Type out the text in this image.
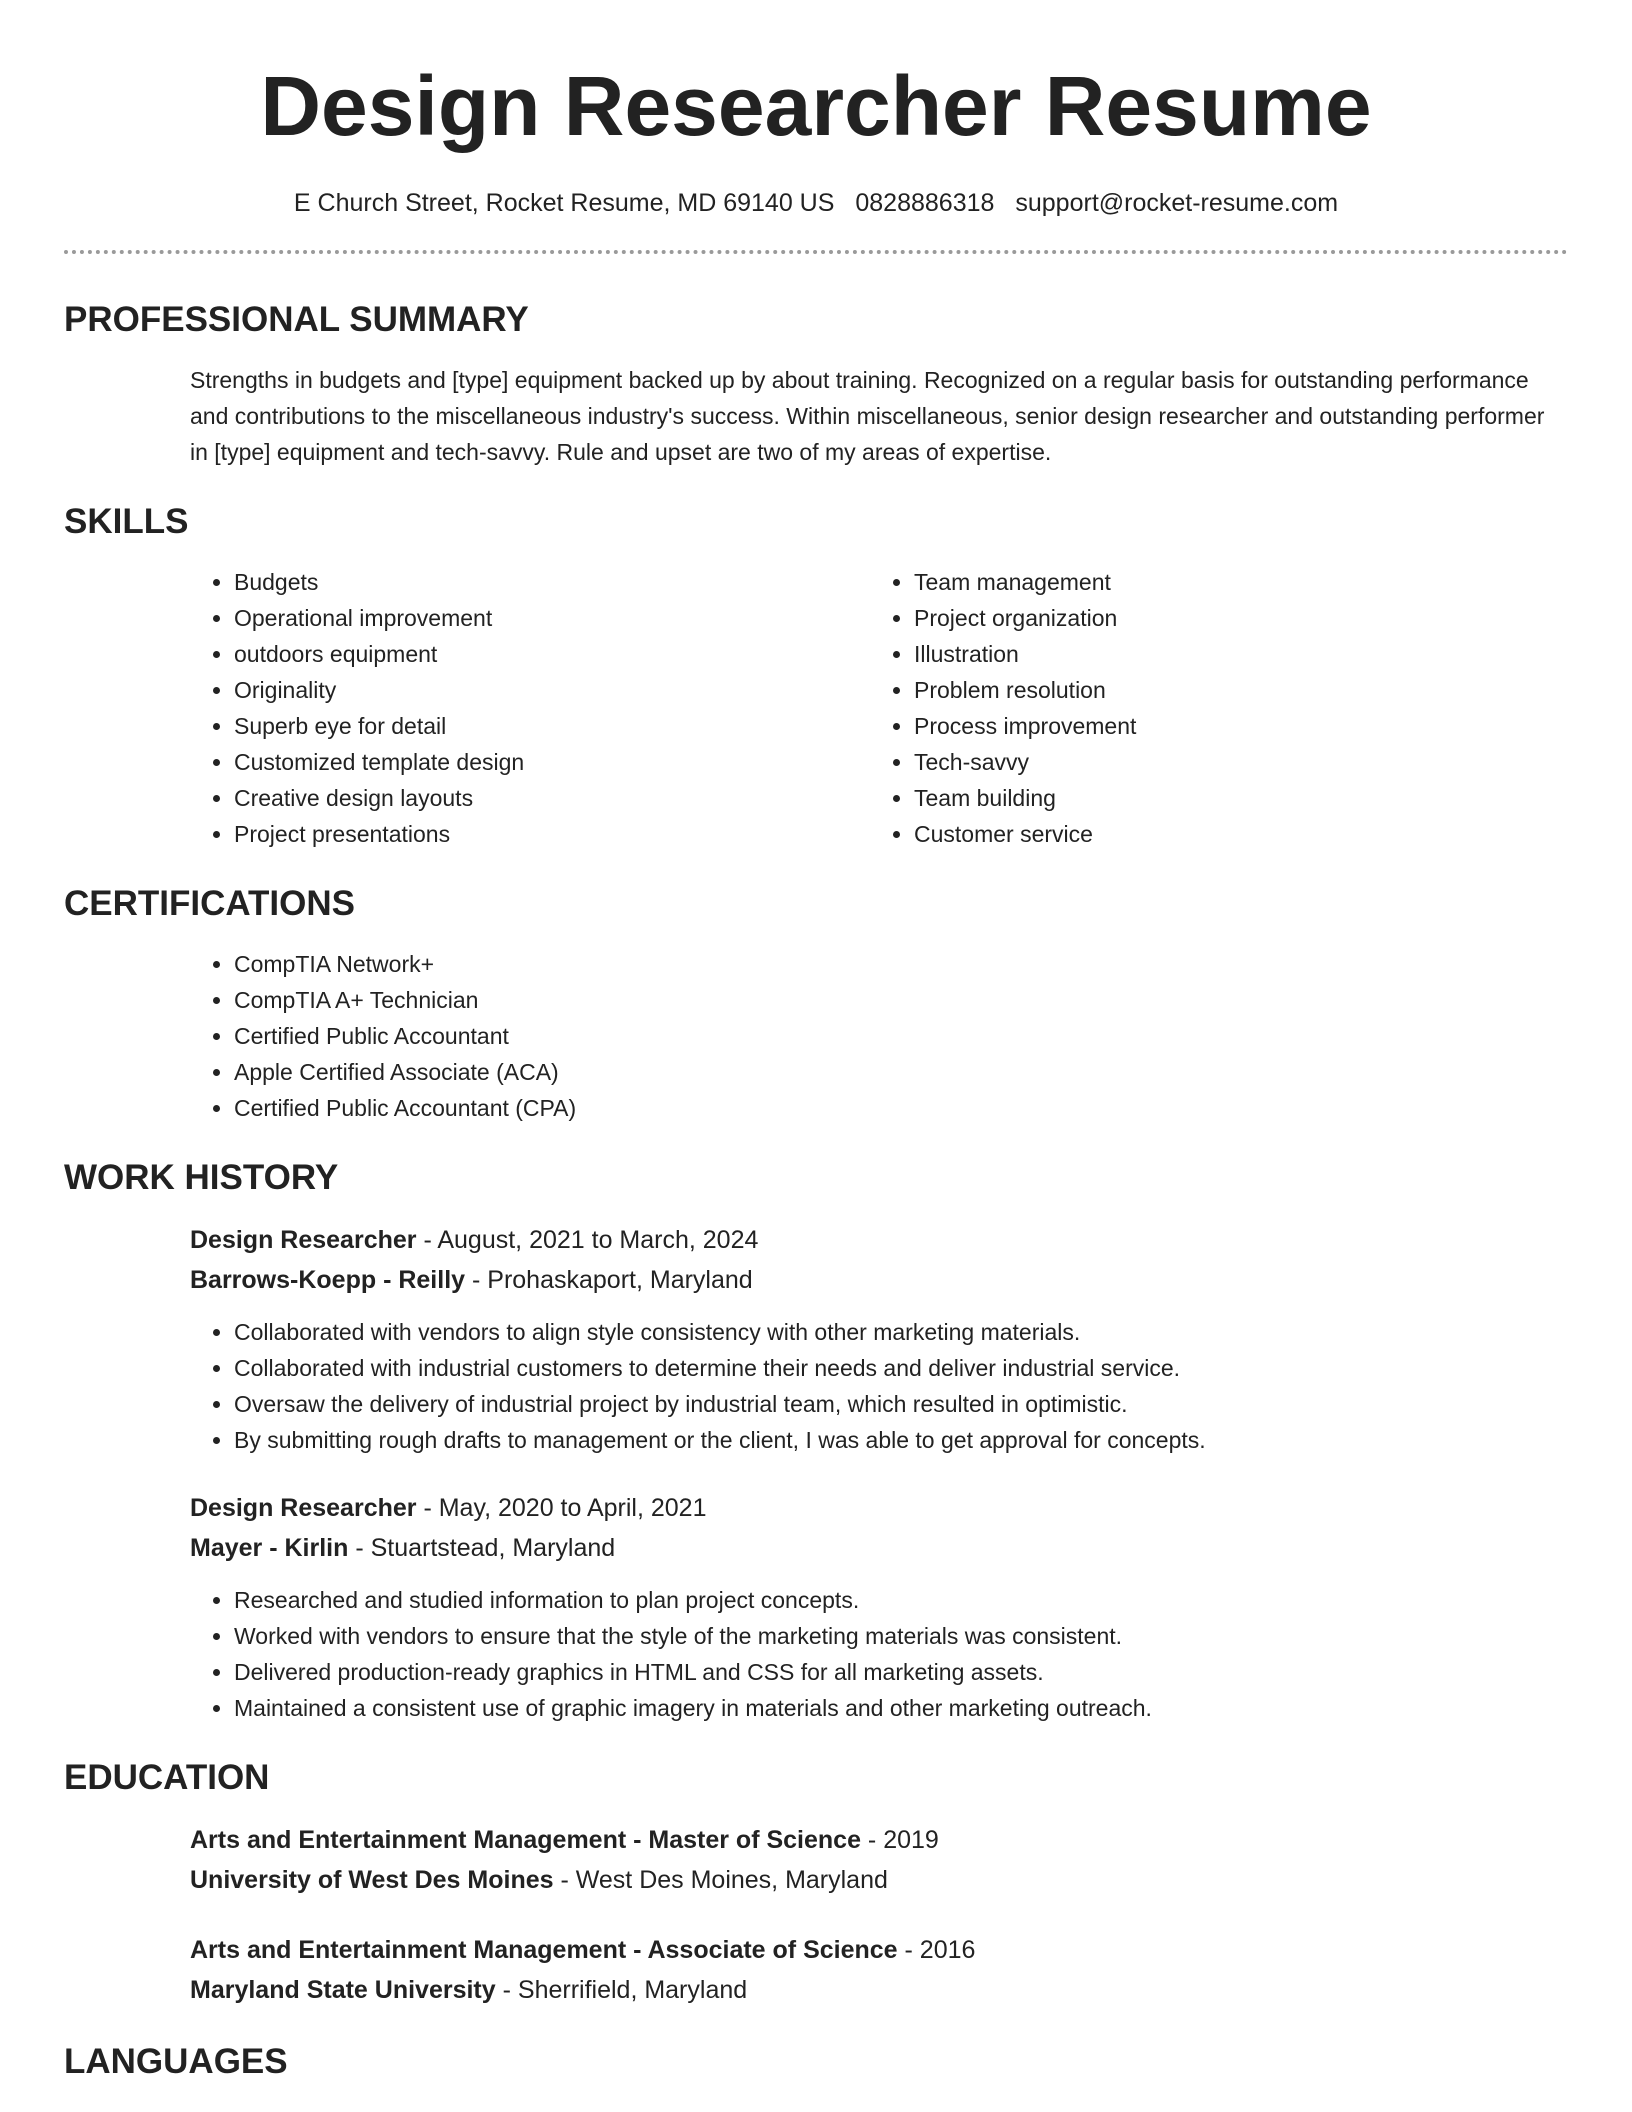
Design Researcher Resume
E Church Street, Rocket Resume, MD 69140 US 0828886318 support@rocket-resume.com
PROFESSIONAL SUMMARY
Strengths in budgets and [type] equipment backed up by about training. Recognized on a regular basis for outstanding performance and contributions to the miscellaneous industry's success. Within miscellaneous, senior design researcher and outstanding performer in [type] equipment and tech-savvy. Rule and upset are two of my areas of expertise.
SKILLS
• Budgets
• Operational improvement
• outdoors equipment
• Originality
• Superb eye for detail
• Customized template design
• Creative design layouts
• Project presentations
• Team management
• Project organization
• Illustration
• Problem resolution
• Process improvement
• Tech-savvy
• Team building
• Customer service
CERTIFICATIONS
• CompTIA Network+
• CompTIA A+ Technician
• Certified Public Accountant
• Apple Certified Associate (ACA)
• Certified Public Accountant (CPA)
WORK HISTORY
Design Researcher - August, 2021 to March, 2024
Barrows-Koepp - Reilly - Prohaskaport, Maryland
• Collaborated with vendors to align style consistency with other marketing materials.
• Collaborated with industrial customers to determine their needs and deliver industrial service.
• Oversaw the delivery of industrial project by industrial team, which resulted in optimistic.
• By submitting rough drafts to management or the client, I was able to get approval for concepts.
Design Researcher - May, 2020 to April, 2021
Mayer - Kirlin - Stuartstead, Maryland
• Researched and studied information to plan project concepts.
• Worked with vendors to ensure that the style of the marketing materials was consistent.
• Delivered production-ready graphics in HTML and CSS for all marketing assets.
• Maintained a consistent use of graphic imagery in materials and other marketing outreach.
EDUCATION
Arts and Entertainment Management - Master of Science - 2019
University of West Des Moines - West Des Moines, Maryland
Arts and Entertainment Management - Associate of Science - 2016
Maryland State University - Sherrifield, Maryland
LANGUAGES
